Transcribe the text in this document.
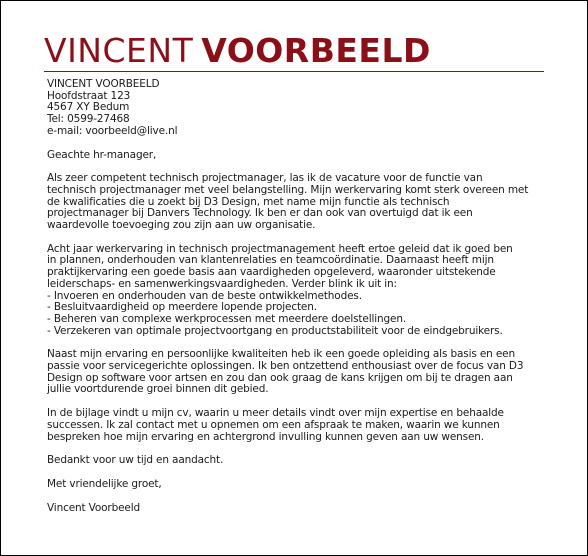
VINCENT VOORBEELD
VINCENT VOORBEELD
Hoofdstraat 123
4567 XY Bedum
Tel: 0599-27468
e-mail: voorbeeld@live.nl
Geachte hr-manager,
Als zeer competent technisch projectmanager, las ik de vacature voor de functie van
technisch projectmanager met veel belangstelling. Mijn werkervaring komt sterk overeen met
de kwalificaties die u zoekt bij D3 Design, met name mijn functie als technisch
projectmanager bij Danvers Technology. Ik ben er dan ook van overtuigd dat ik een
waardevolle toevoeging zou zijn aan uw organisatie.
Acht jaar werkervaring in technisch projectmanagement heeft ertoe geleid dat ik goed ben
in plannen, onderhouden van klantenrelaties en teamcoördinatie. Daarnaast heeft mijn
praktijkervaring een goede basis aan vaardigheden opgeleverd, waaronder uitstekende
leiderschaps- en samenwerkingsvaardigheden. Verder blink ik uit in:
- Invoeren en onderhouden van de beste ontwikkelmethodes.
- Besluitvaardigheid op meerdere lopende projecten.
- Beheren van complexe werkprocessen met meerdere doelstellingen.
- Verzekeren van optimale projectvoortgang en productstabiliteit voor de eindgebruikers.
Naast mijn ervaring en persoonlijke kwaliteiten heb ik een goede opleiding als basis en een
passie voor servicegerichte oplossingen. Ik ben ontzettend enthousiast over de focus van D3
Design op software voor artsen en zou dan ook graag de kans krijgen om bij te dragen aan
jullie voortdurende groei binnen dit gebied.
In de bijlage vindt u mijn cv, waarin u meer details vindt over mijn expertise en behaalde
successen. Ik zal contact met u opnemen om een afspraak te maken, waarin we kunnen
bespreken hoe mijn ervaring en achtergrond invulling kunnen geven aan uw wensen.
Bedankt voor uw tijd en aandacht.
Met vriendelijke groet,
Vincent Voorbeeld
